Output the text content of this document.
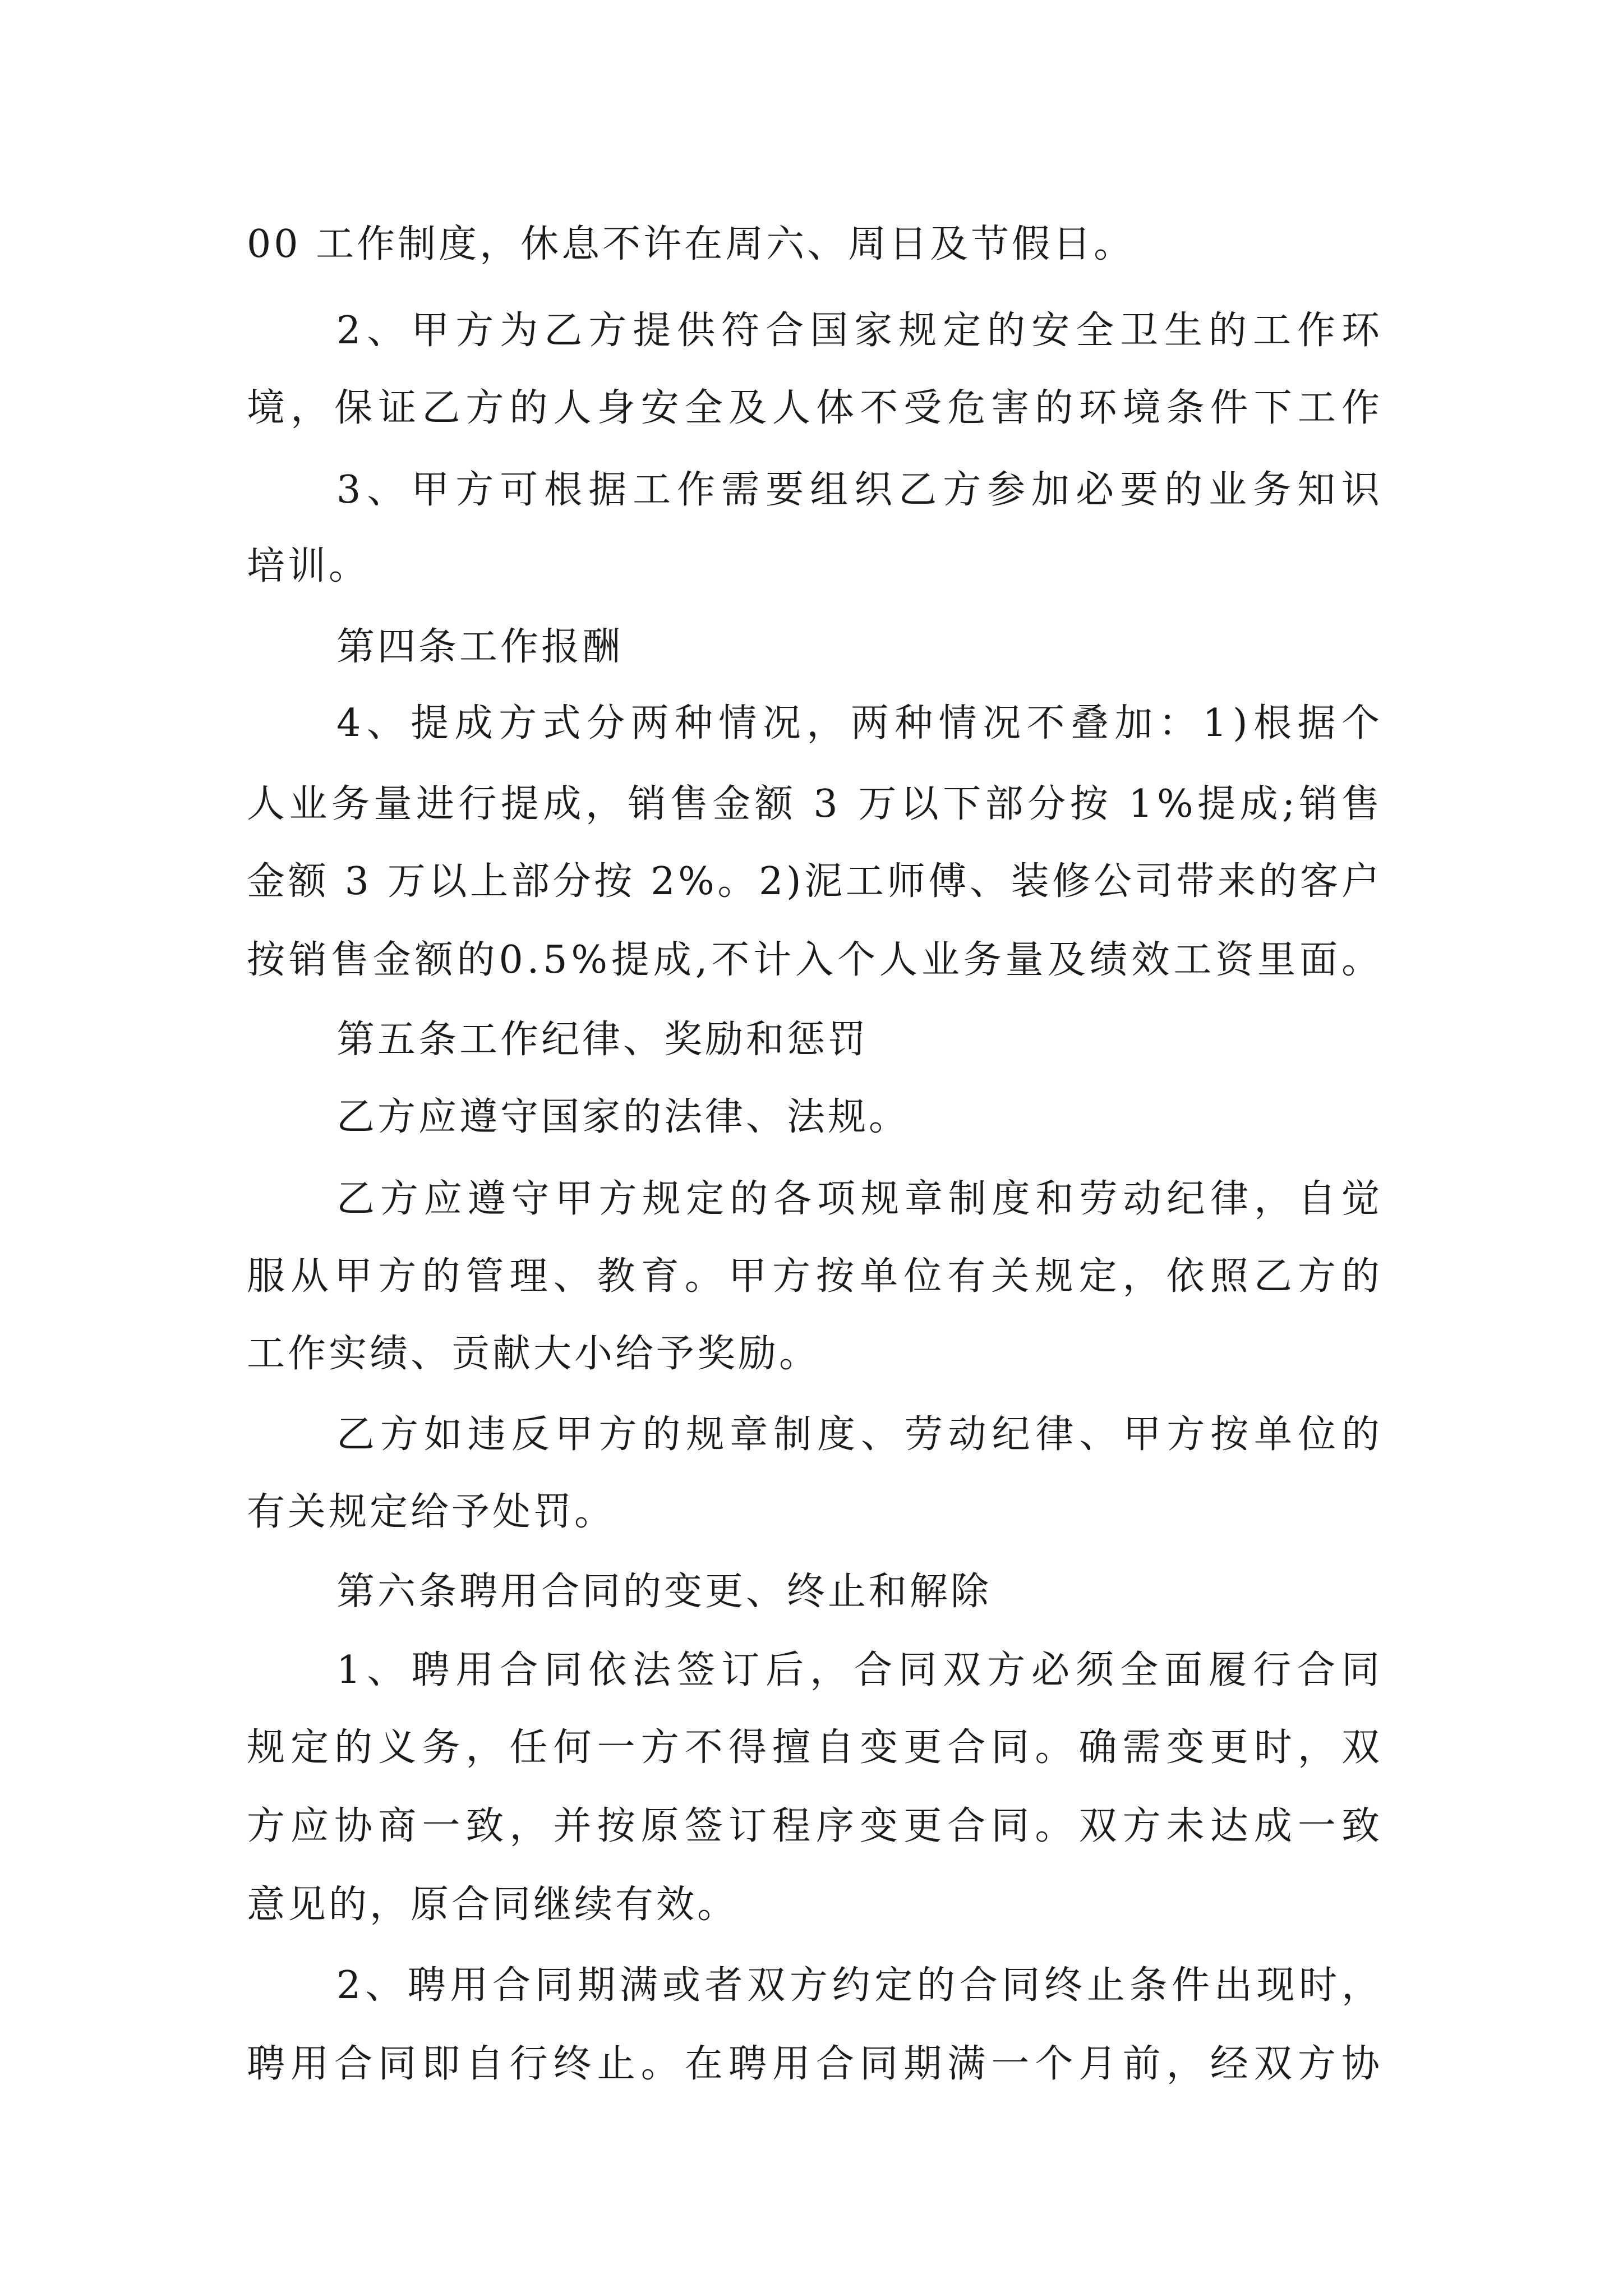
00 工作制度，休息不许在周六、周日及节假日。
2、甲方为乙方提供符合国家规定的安全卫生的工作环
境，保证乙方的人身安全及人体不受危害的环境条件下工作
3、甲方可根据工作需要组织乙方参加必要的业务知识
培训。
第四条工作报酬
4、提成方式分两种情况，两种情况不叠加：1)根据个
人业务量进行提成，销售金额 3 万以下部分按 1%提成;销售
金额 3 万以上部分按 2%。2)泥工师傅、装修公司带来的客户
按销售金额的0.5%提成,不计入个人业务量及绩效工资里面。
第五条工作纪律、奖励和惩罚
乙方应遵守国家的法律、法规。
乙方应遵守甲方规定的各项规章制度和劳动纪律，自觉
服从甲方的管理、教育。甲方按单位有关规定，依照乙方的
工作实绩、贡献大小给予奖励。
乙方如违反甲方的规章制度、劳动纪律、甲方按单位的
有关规定给予处罚。
第六条聘用合同的变更、终止和解除
1、聘用合同依法签订后，合同双方必须全面履行合同
规定的义务，任何一方不得擅自变更合同。确需变更时，双
方应协商一致，并按原签订程序变更合同。双方未达成一致
意见的，原合同继续有效。
2、聘用合同期满或者双方约定的合同终止条件出现时，
聘用合同即自行终止。在聘用合同期满一个月前，经双方协
